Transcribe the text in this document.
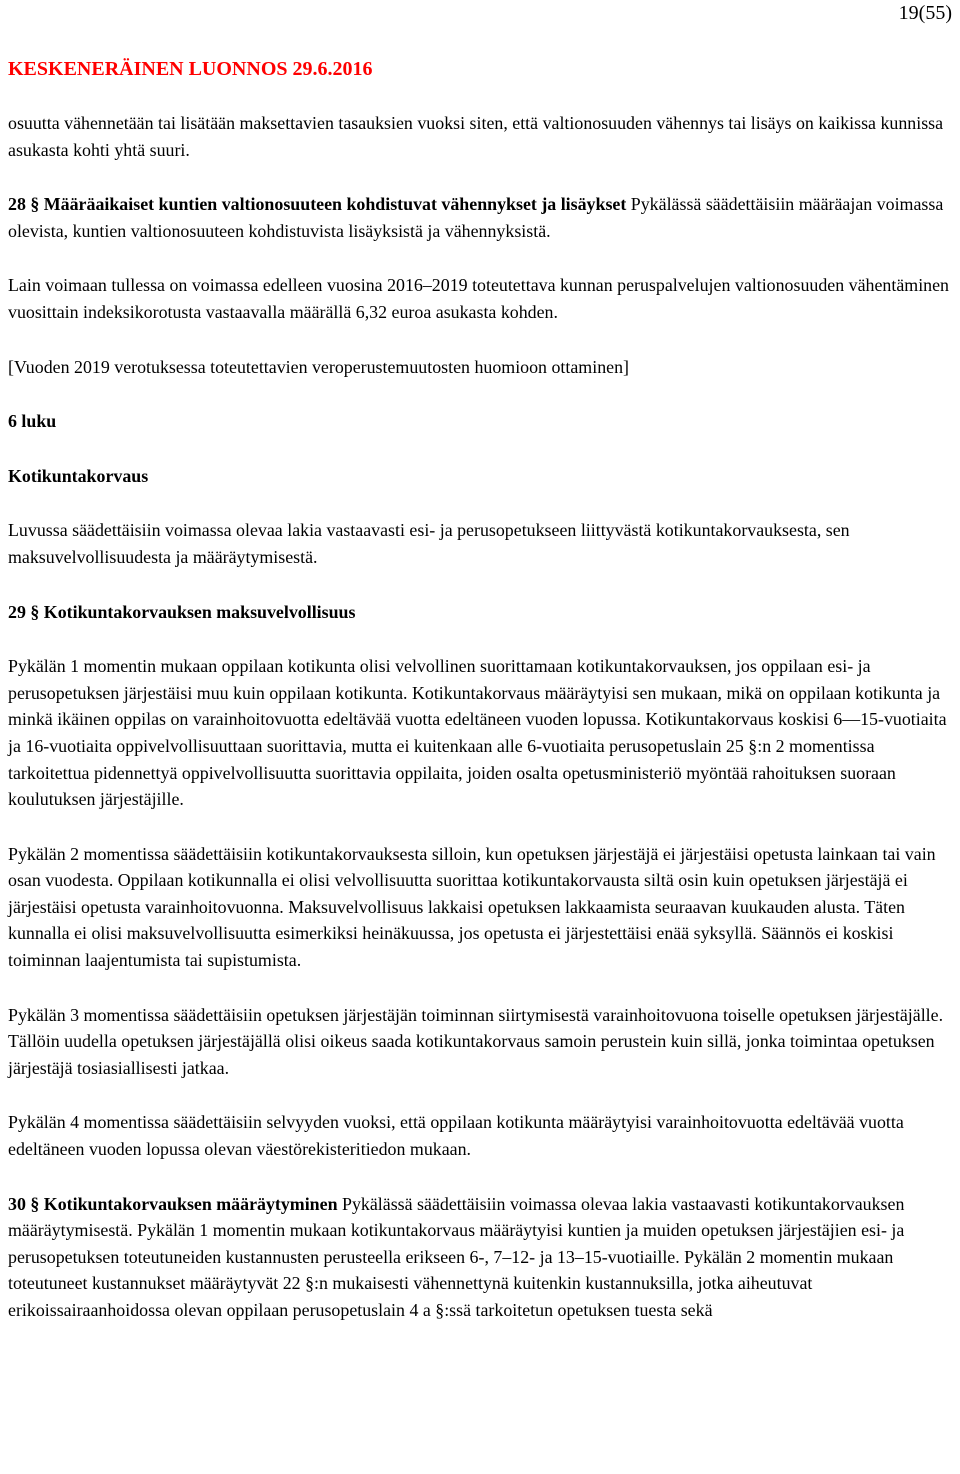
19(55)
KESKENERÄINEN LUONNOS 29.6.2016

osuutta vähennetään tai lisätään maksettavien tasauksien vuoksi siten, että valtionosuuden vähennys tai lisäys on kaikissa kunnissa asukasta kohti yhtä suuri.

28 § Määräaikaiset kuntien valtionosuuteen kohdistuvat vähennykset ja lisäykset Pykälässä säädettäisiin määräajan voimassa olevista, kuntien valtionosuuteen kohdistuvista lisäyksistä ja vähennyksistä.

Lain voimaan tullessa on voimassa edelleen vuosina 2016–2019 toteutettava kunnan peruspalvelujen valtionosuuden vähentäminen vuosittain indeksikorotusta vastaavalla määrällä 6,32 euroa asukasta kohden.

[Vuoden 2019 verotuksessa toteutettavien veroperustemuutosten huomioon ottaminen]

6 luku
Kotikuntakorvaus

Luvussa säädettäisiin voimassa olevaa lakia vastaavasti esi- ja perusopetukseen liittyvästä kotikuntakorvauksesta, sen maksuvelvollisuudesta ja määräytymisestä.

29 § Kotikuntakorvauksen maksuvelvollisuus

Pykälän 1 momentin mukaan oppilaan kotikunta olisi velvollinen suorittamaan kotikuntakorvauksen, jos oppilaan esi- ja perusopetuksen järjestäisi muu kuin oppilaan kotikunta. Kotikuntakorvaus määräytyisi sen mukaan, mikä on oppilaan kotikunta ja minkä ikäinen oppilas on varainhoitovuotta edeltävää vuotta edeltäneen vuoden lopussa. Kotikuntakorvaus koskisi 6—15-vuotiaita ja 16-vuotiaita oppivelvollisuuttaan suorittavia, mutta ei kuitenkaan alle 6-vuotiaita perusopetuslain 25 §:n 2 momentissa tarkoitettua pidennettyä oppivelvollisuutta suorittavia oppilaita, joiden osalta opetusministeriö myöntää rahoituksen suoraan koulutuksen järjestäjille.

Pykälän 2 momentissa säädettäisiin kotikuntakorvauksesta silloin, kun opetuksen järjestäjä ei järjestäisi opetusta lainkaan tai vain osan vuodesta. Oppilaan kotikunnalla ei olisi velvollisuutta suorittaa kotikuntakorvausta siltä osin kuin opetuksen järjestäjä ei järjestäisi opetusta varainhoitovuonna. Maksuvelvollisuus lakkaisi opetuksen lakkaamista seuraavan kuukauden alusta. Täten kunnalla ei olisi maksuvelvollisuutta esimerkiksi heinäkuussa, jos opetusta ei järjestettäisi enää syksyllä. Säännös ei koskisi toiminnan laajentumista tai supistumista.

Pykälän 3 momentissa säädettäisiin opetuksen järjestäjän toiminnan siirtymisestä varainhoitovuona toiselle opetuksen järjestäjälle. Tällöin uudella opetuksen järjestäjällä olisi oikeus saada kotikuntakorvaus samoin perustein kuin sillä, jonka toimintaa opetuksen järjestäjä tosiasiallisesti jatkaa.

Pykälän 4 momentissa säädettäisiin selvyyden vuoksi, että oppilaan kotikunta määräytyisi varainhoitovuotta edeltävää vuotta edeltäneen vuoden lopussa olevan väestörekisteritiedon mukaan.

30 § Kotikuntakorvauksen määräytyminen Pykälässä säädettäisiin voimassa olevaa lakia vastaavasti kotikuntakorvauksen määräytymisestä. Pykälän 1 momentin mukaan kotikuntakorvaus määräytyisi kuntien ja muiden opetuksen järjestäjien esi- ja perusopetuksen toteutuneiden kustannusten perusteella erikseen 6-, 7–12- ja 13–15-vuotiaille. Pykälän 2 momentin mukaan toteutuneet kustannukset määräytyvät 22 §:n mukaisesti vähennettynä kuitenkin kustannuksilla, jotka aiheutuvat erikoissairaanhoidossa olevan oppilaan perusopetuslain 4 a §:ssä tarkoitetun opetuksen tuesta sekä
